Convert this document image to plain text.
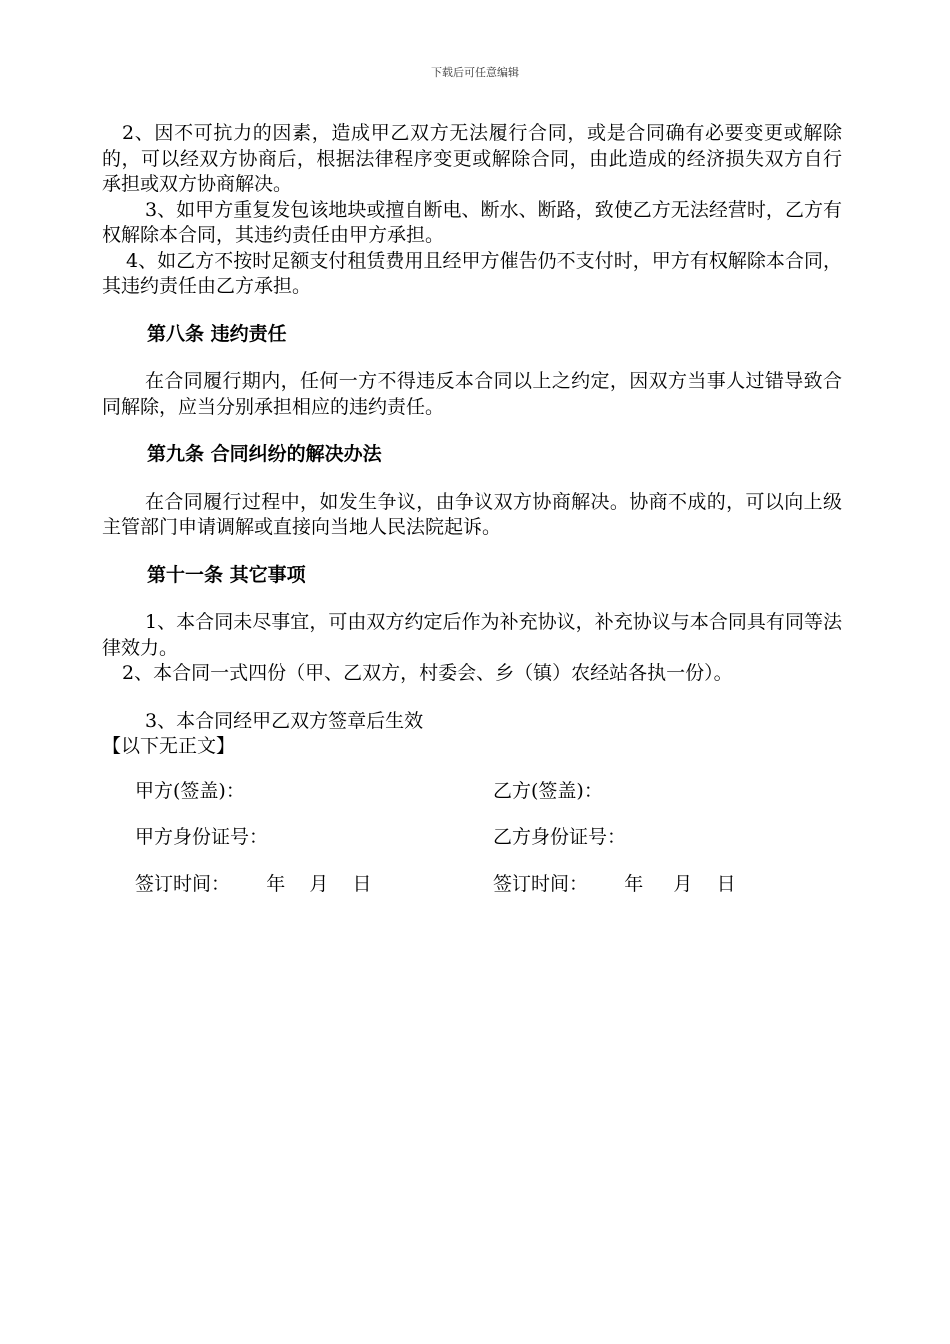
下载后可任意编辑

2、因不可抗力的因素，造成甲乙双方无法履行合同，或是合同确有必要变更或解除的，可以经双方协商后，根据法律程序变更或解除合同，由此造成的经济损失双方自行承担或双方协商解决。

3、如甲方重复发包该地块或擅自断电、断水、断路，致使乙方无法经营时，乙方有权解除本合同，其违约责任由甲方承担。

4、如乙方不按时足额支付租赁费用且经甲方催告仍不支付时，甲方有权解除本合同，其违约责任由乙方承担。

第八条 违约责任

在合同履行期内，任何一方不得违反本合同以上之约定，因双方当事人过错导致合同解除，应当分别承担相应的违约责任。

第九条 合同纠纷的解决办法

在合同履行过程中，如发生争议，由争议双方协商解决。协商不成的，可以向上级主管部门申请调解或直接向当地人民法院起诉。

第十一条 其它事项

1、本合同未尽事宜，可由双方约定后作为补充协议，补充协议与本合同具有同等法律效力。

2、本合同一式四份（甲、乙双方，村委会、乡（镇）农经站各执一份）。

3、本合同经甲乙双方签章后生效

【以下无正文】

甲方(签盖)：	乙方(签盖)：
甲方身份证号：	乙方身份证号：
签订时间：      年    月    日	签订时间：      年     月    日
